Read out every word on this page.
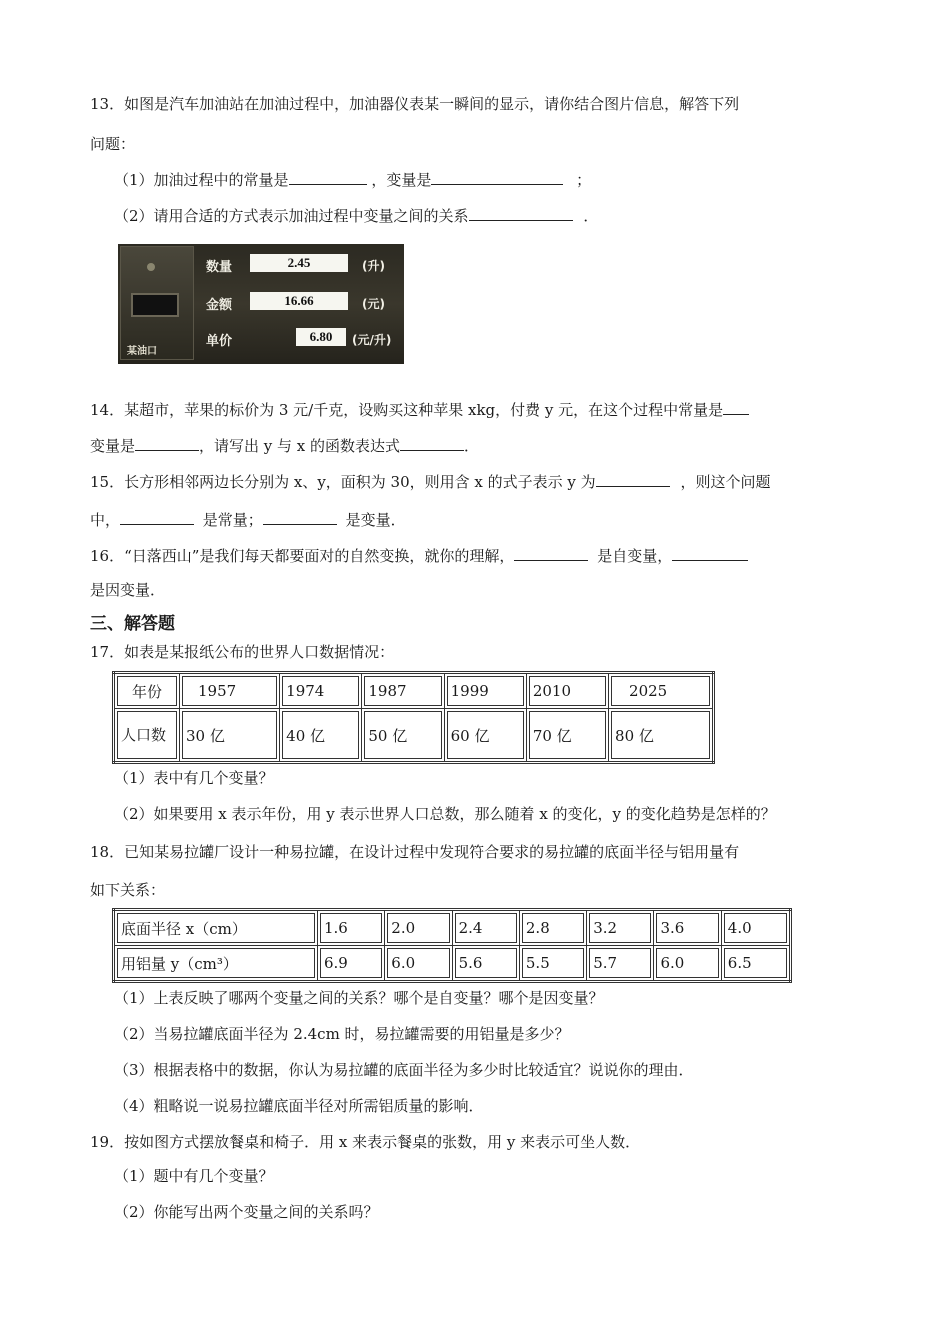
13．如图是汽车加油站在加油过程中，加油器仪表某一瞬间的显示，请你结合图片信息，解答下列
问题：
（1）加油过程中的常量是	，变量是	；
（2）请用合适的方式表示加油过程中变量之间的关系	．
某油口
数量	2.45	(升)
金额	16.66	(元)
单价	6.80	(元/升)
14．某超市，苹果的标价为 3 元/千克，设购买这种苹果 xkg，付费 y 元，在这个过程中常量是
变量是	，请写出 y 与 x 的函数表达式	．
15．长方形相邻两边长分别为 x、y，面积为 30，则用含 x 的式子表示 y 为	，则这个问题
中，	是常量；	是变量．
16．“日落西山”是我们每天都要面对的自然变换，就你的理解，	是自变量，
是因变量．
三、解答题
17．如表是某报纸公布的世界人口数据情况：
年份	1957	1974	1987	1999	2010	2025
人口数	30 亿	40 亿	50 亿	60 亿	70 亿	80 亿
（1）表中有几个变量？
（2）如果要用 x 表示年份，用 y 表示世界人口总数，那么随着 x 的变化，y 的变化趋势是怎样的？
18．已知某易拉罐厂设计一种易拉罐，在设计过程中发现符合要求的易拉罐的底面半径与铝用量有
如下关系：
底面半径 x（cm）	1.6	2.0	2.4	2.8	3.2	3.6	4.0
用铝量 y（cm³）	6.9	6.0	5.6	5.5	5.7	6.0	6.5
（1）上表反映了哪两个变量之间的关系？哪个是自变量？哪个是因变量？
（2）当易拉罐底面半径为 2.4cm 时，易拉罐需要的用铝量是多少？
（3）根据表格中的数据，你认为易拉罐的底面半径为多少时比较适宜？说说你的理由．
（4）粗略说一说易拉罐底面半径对所需铝质量的影响．
19．按如图方式摆放餐桌和椅子．用 x 来表示餐桌的张数，用 y 来表示可坐人数．
（1）题中有几个变量？
（2）你能写出两个变量之间的关系吗？
